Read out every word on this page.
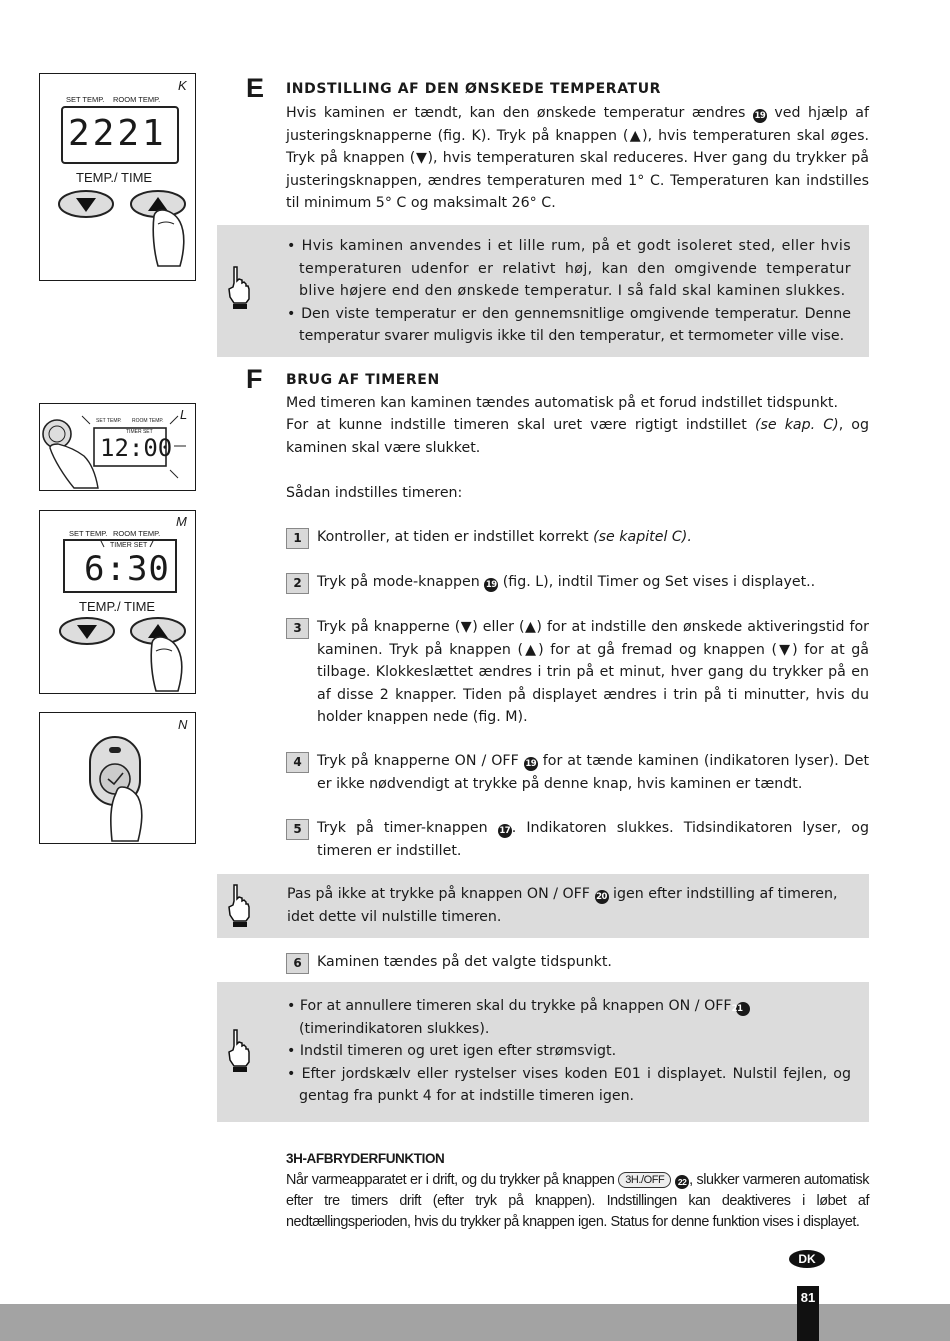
K
SET TEMP. ROOM TEMP.
2221
TEMP./ TIME
L
SET TEMP. ROOM TEMP.
TIMER SET
12:00
M
SET TEMP. ROOM TEMP.
TIMER SET
6:30
TEMP./ TIME
N
E INDSTILLING AF DEN ØNSKEDE TEMPERATUR

Hvis kaminen er tændt, kan den ønskede temperatur ændres 19 ved hjælp af justeringsknapperne (fig. K). Tryk på knappen (▲), hvis temperaturen skal øges. Tryk på knappen (▼), hvis temperaturen skal reduceres. Hver gang du trykker på justeringsknappen, ændres temperaturen med 1° C. Temperaturen kan indstilles til minimum 5° C og maksimalt 26° C.

• Hvis kaminen anvendes i et lille rum, på et godt isoleret sted, eller hvis temperaturen udenfor er relativt høj, kan den omgivende temperatur blive højere end den ønskede temperatur. I så fald skal kaminen slukkes.

• Den viste temperatur er den gennemsnitlige omgivende temperatur. Denne temperatur svarer muligvis ikke til den temperatur, et termometer ville vise.

F BRUG AF TIMEREN

Med timeren kan kaminen tændes automatisk på et forud indstillet tidspunkt.

For at kunne indstille timeren skal uret være rigtigt indstillet (se kap. C), og kaminen skal være slukket.

Sådan indstilles timeren:

1	Kontroller, at tiden er indstillet korrekt (se kapitel C).

2	Tryk på mode-knappen 19 (fig. L), indtil Timer og Set vises i displayet..

3	Tryk på knapperne (▼) eller (▲) for at indstille den ønskede aktiveringstid for kaminen. Tryk på knappen (▲) for at gå fremad og knappen (▼) for at gå tilbage. Klokkeslættet ændres i trin på et minut, hver gang du trykker på en af disse 2 knapper. Tiden på displayet ændres i trin på ti minutter, hvis du holder knappen nede (fig. M).

4	Tryk på knapperne ON / OFF 19 for at tænde kaminen (indikatoren lyser). Det er ikke nødvendigt at trykke på denne knap, hvis kaminen er tændt.

5	Tryk på timer-knappen 17 . Indikatoren slukkes. Tidsindikatoren lyser, og timeren er indstillet.

Pas på ikke at trykke på knappen ON / OFF 20 igen efter indstilling af timeren, idet dette vil nulstille timeren.

6	Kaminen tændes på det valgte tidspunkt.

• For at annullere timeren skal du trykke på knappen ON / OFF 21 (timerindikatoren slukkes).

• Indstil timeren og uret igen efter strømsvigt.

• Efter jordskælv eller rystelser vises koden E01 i displayet. Nulstil fejlen, og gentag fra punkt 4 for at indstille timeren igen.

3H-AFBRYDERFUNKTION

Når varmeapparatet er i drift, og du trykker på knappen 3H./OFF 22 , slukker varmeren automatisk efter tre timers drift (efter tryk på knappen). Indstillingen kan deaktiveres i løbet af nedtællingsperioden, hvis du trykker på knappen igen. Status for denne funktion vises i displayet.

DK
81
